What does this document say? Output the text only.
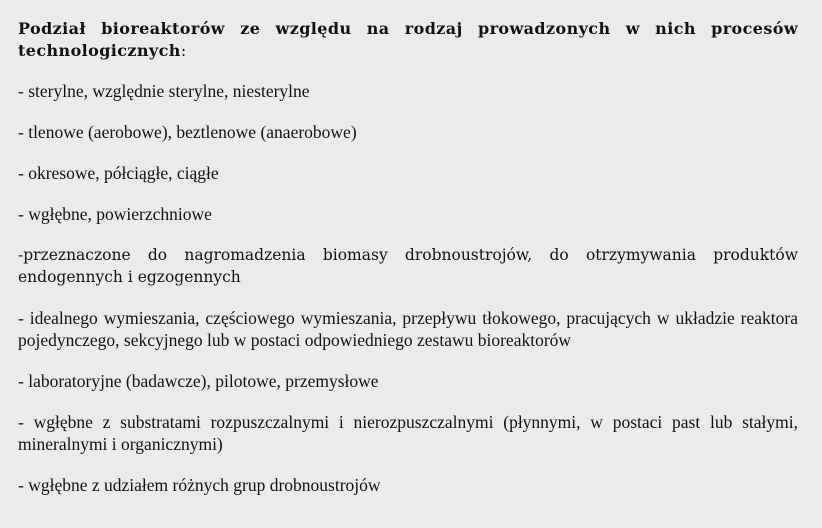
Podział bioreaktorów ze względu na rodzaj prowadzonych w nich procesów technologicznych:

- sterylne, względnie sterylne, niesterylne
- tlenowe (aerobowe), beztlenowe (anaerobowe)
- okresowe, półciągłe, ciągłe
- wgłębne, powierzchniowe
-przeznaczone do nagromadzenia biomasy drobnoustrojów, do otrzymywania produktów endogennych i egzogennych
- idealnego wymieszania, częściowego wymieszania, przepływu tłokowego, pracujących w układzie reaktora pojedynczego, sekcyjnego lub w postaci odpowiedniego zestawu bioreaktorów
- laboratoryjne (badawcze), pilotowe, przemysłowe
- wgłębne z substratami rozpuszczalnymi i nierozpuszczalnymi (płynnymi, w postaci past lub stałymi, mineralnymi i organicznymi)
- wgłębne z udziałem różnych grup drobnoustrojów
